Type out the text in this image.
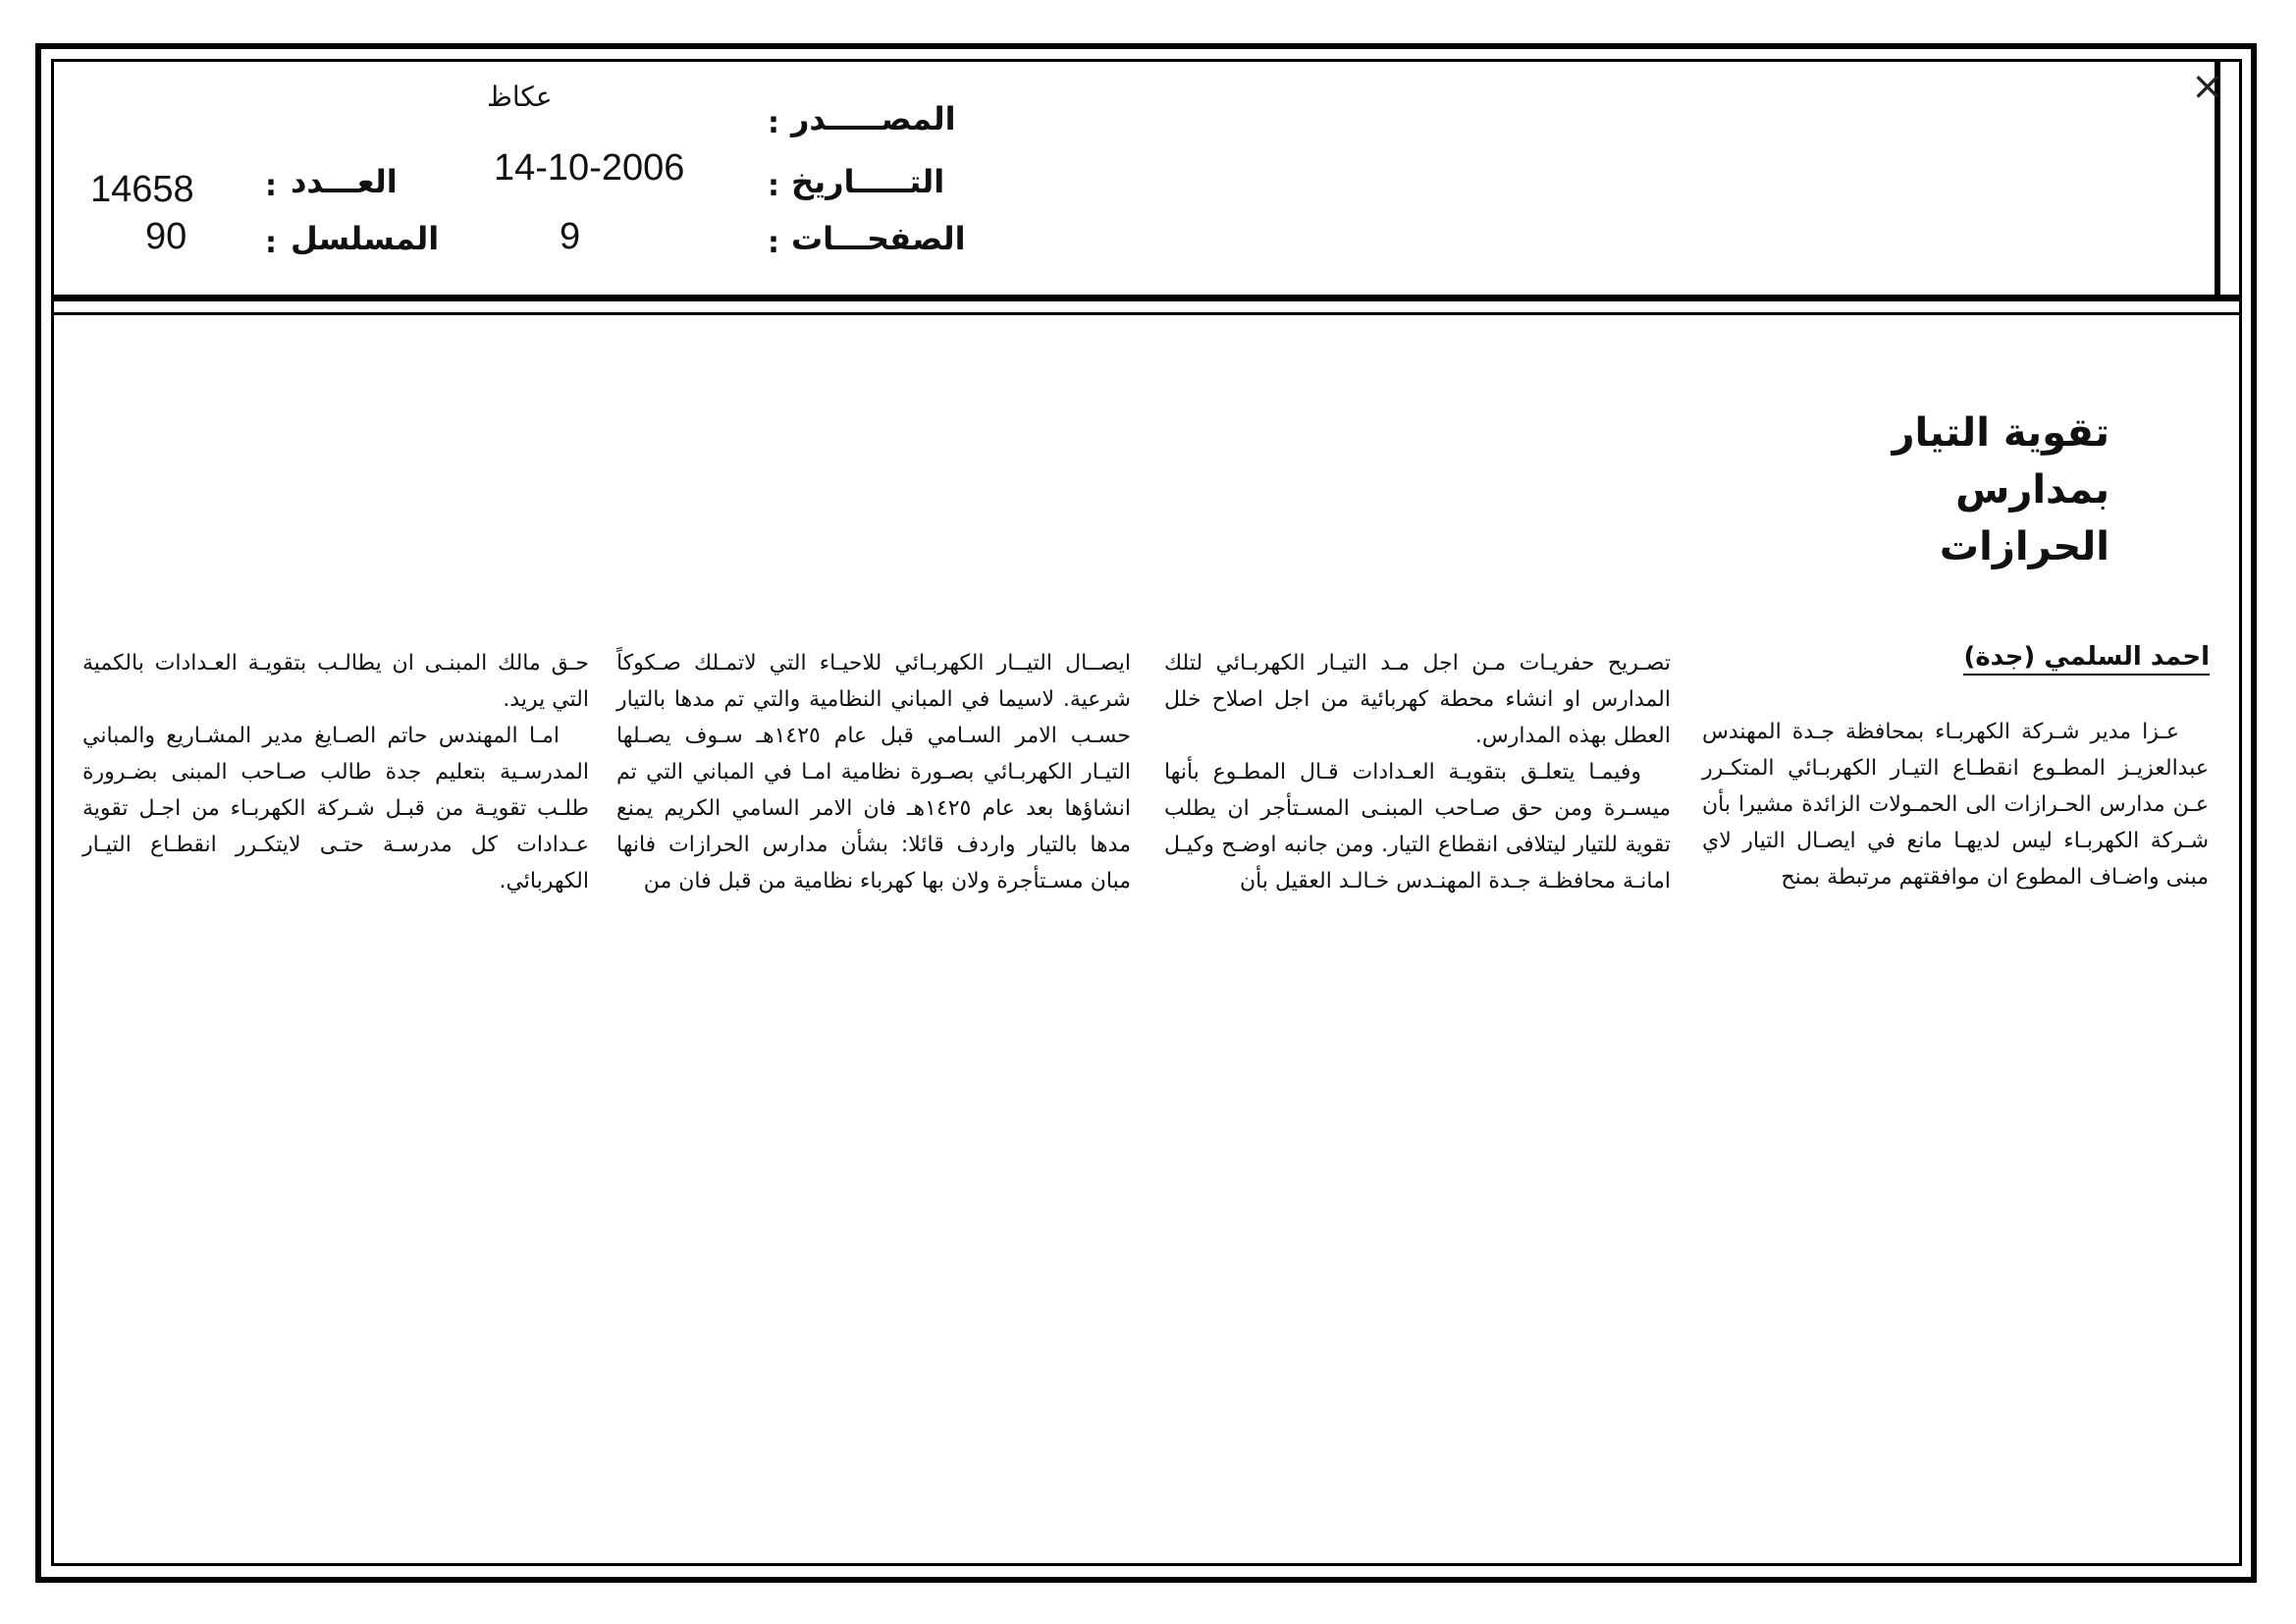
×
المصـــــدر
:
التـــــاريخ
:
الصفحـــات
:
عكاظ
14-10-2006
9
العـــدد
:
14658
المسلسل
:
90
تقوية التيار
بمدارس
الحرازات
احمد السلمي (جدة)

عـزا مدير شـركة الكهربـاء بمحافظة جـدة المهندس عبدالعزيـز المطـوع انقطـاع التيـار الكهربـائي المتكـرر عـن مدارس الحـرازات الى الحمـولات الزائدة مشيرا بأن شـركة الكهربـاء ليس لديهـا مانع في ايصـال التيار لاي مبنى واضـاف المطوع ان موافقتهم مرتبطة بمنح

تصـريح حفريـات مـن اجل مـد التيـار الكهربـائي لتلك المدارس او انشاء محطة كهربائية من اجل اصلاح خلل العطل بهذه المدارس.

وفيمـا يتعلـق بتقويـة العـدادات قـال المطـوع بأنها ميسـرة ومن حق صـاحب المبنـى المسـتأجر ان يطلب تقوية للتيار ليتلافى انقطاع التيار. ومن جانبه اوضـح وكيـل امانـة محافظـة جـدة المهنـدس خـالـد العقيل بأن

ايصــال التيــار الكهربـائي للاحيـاء التي لاتمـلك صـكوكاً شرعية. لاسيما في المباني النظامية والتي تم مدها بالتيار حسـب الامر السـامي قبل عام ١٤٢٥هـ سـوف يصـلها التيـار الكهربـائي بصـورة نظامية امـا في المباني التي تم انشاؤها بعد عام ١٤٢٥هـ فان الامر السامي الكريم يمنع مدها بالتيار واردف قائلا: بشأن مدارس الحرازات فانها مبان مسـتأجرة ولان بها كهرباء نظامية من قبل فان من

حـق مالك المبنـى ان يطالـب بتقويـة العـدادات بالكمية التي يريد.

امـا المهندس حاتم الصـايغ مدير المشـاريع والمباني المدرسـية بتعليم جدة طالب صـاحب المبنى بضـرورة طلـب تقويـة من قبـل شـركة الكهربـاء من اجـل تقوية عـدادات كل مدرسـة حتـى لايتكـرر انقطـاع التيـار الكهربائي.
